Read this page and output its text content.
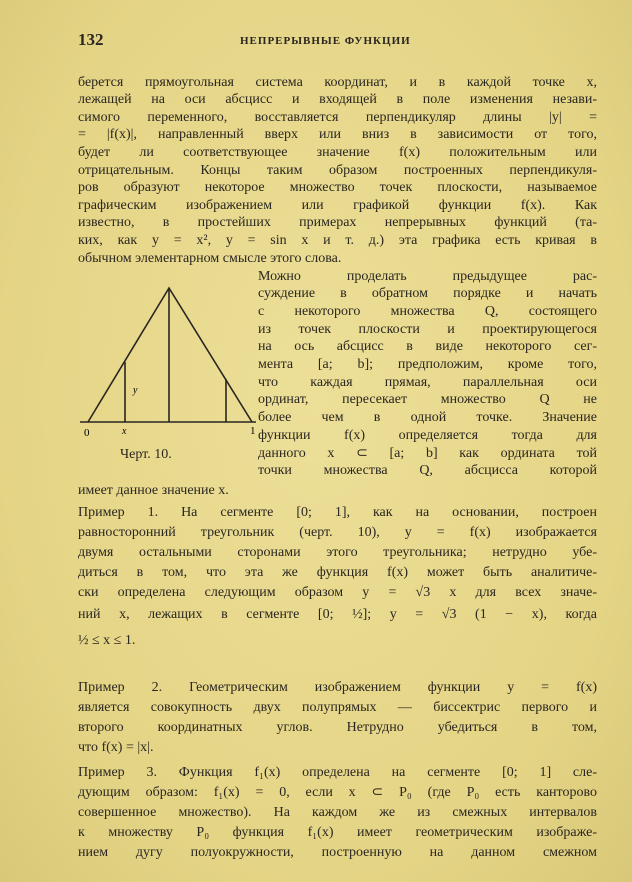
132	НЕПРЕРЫВНЫЕ ФУНКЦИИ
берется прямоугольная система координат, и в каждой точке x,
лежащей на оси абсцисс и входящей в поле изменения незави-
симого переменного, восставляется перпендикуляр длины |y| =
= |f(x)|, направленный вверх или вниз в зависимости от того,
будет ли соответствующее значение f(x) положительным или
отрицательным. Концы таким образом построенных перпендикуля-
ров образуют некоторое множество точек плоскости, называемое
графическим изображением или графикой функции f(x). Как
известно, в простейших примерах непрерывных функций (та-
ких, как y = x², y = sin x и т. д.) эта графика есть кривая в
обычном элементарном смысле этого слова.
Можно проделать предыдущее рас-
суждение в обратном порядке и начать
с некоторого множества Q, состоящего
из точек плоскости и проектирующегося
на ось абсцисс в виде некоторого сег-
мента [a; b]; предположим, кроме того,
что каждая прямая, параллельная оси
ординат, пересекает множество Q не
более чем в одной точке. Значение
функции f(x) определяется тогда для
данного x ⊂ [a; b] как ордината той
точки множества Q, абсцисса которой
имеет данное значение x.
Пример 1. На сегменте [0; 1], как на основании, построен
равносторонний треугольник (черт. 10), y = f(x) изображается
двумя остальными сторонами этого треугольника; нетрудно убе-
диться в том, что эта же функция f(x) может быть аналитиче-
ски определена следующим образом y = √3 x для всех значе-
ний x, лежащих в сегменте [0; ½]; y = √3 (1 − x), когда
½ ≤ x ≤ 1.
Пример 2. Геометрическим изображением функции y = f(x)
является совокупность двух полупрямых — биссектрис первого и
второго координатных углов. Нетрудно убедиться в том,
что f(x) = |x|.
Пример 3. Функция f₁(x) определена на сегменте [0; 1] сле-
дующим образом: f₁(x) = 0, если x ⊂ P₀ (где P₀ есть канторово
совершенное множество). На каждом же из смежных интервалов
к множеству P₀ функция f₁(x) имеет геометрическим изображе-
нием дугу полуокружности, построенную на данном смежном
0	x	1
y
Черт. 10.
